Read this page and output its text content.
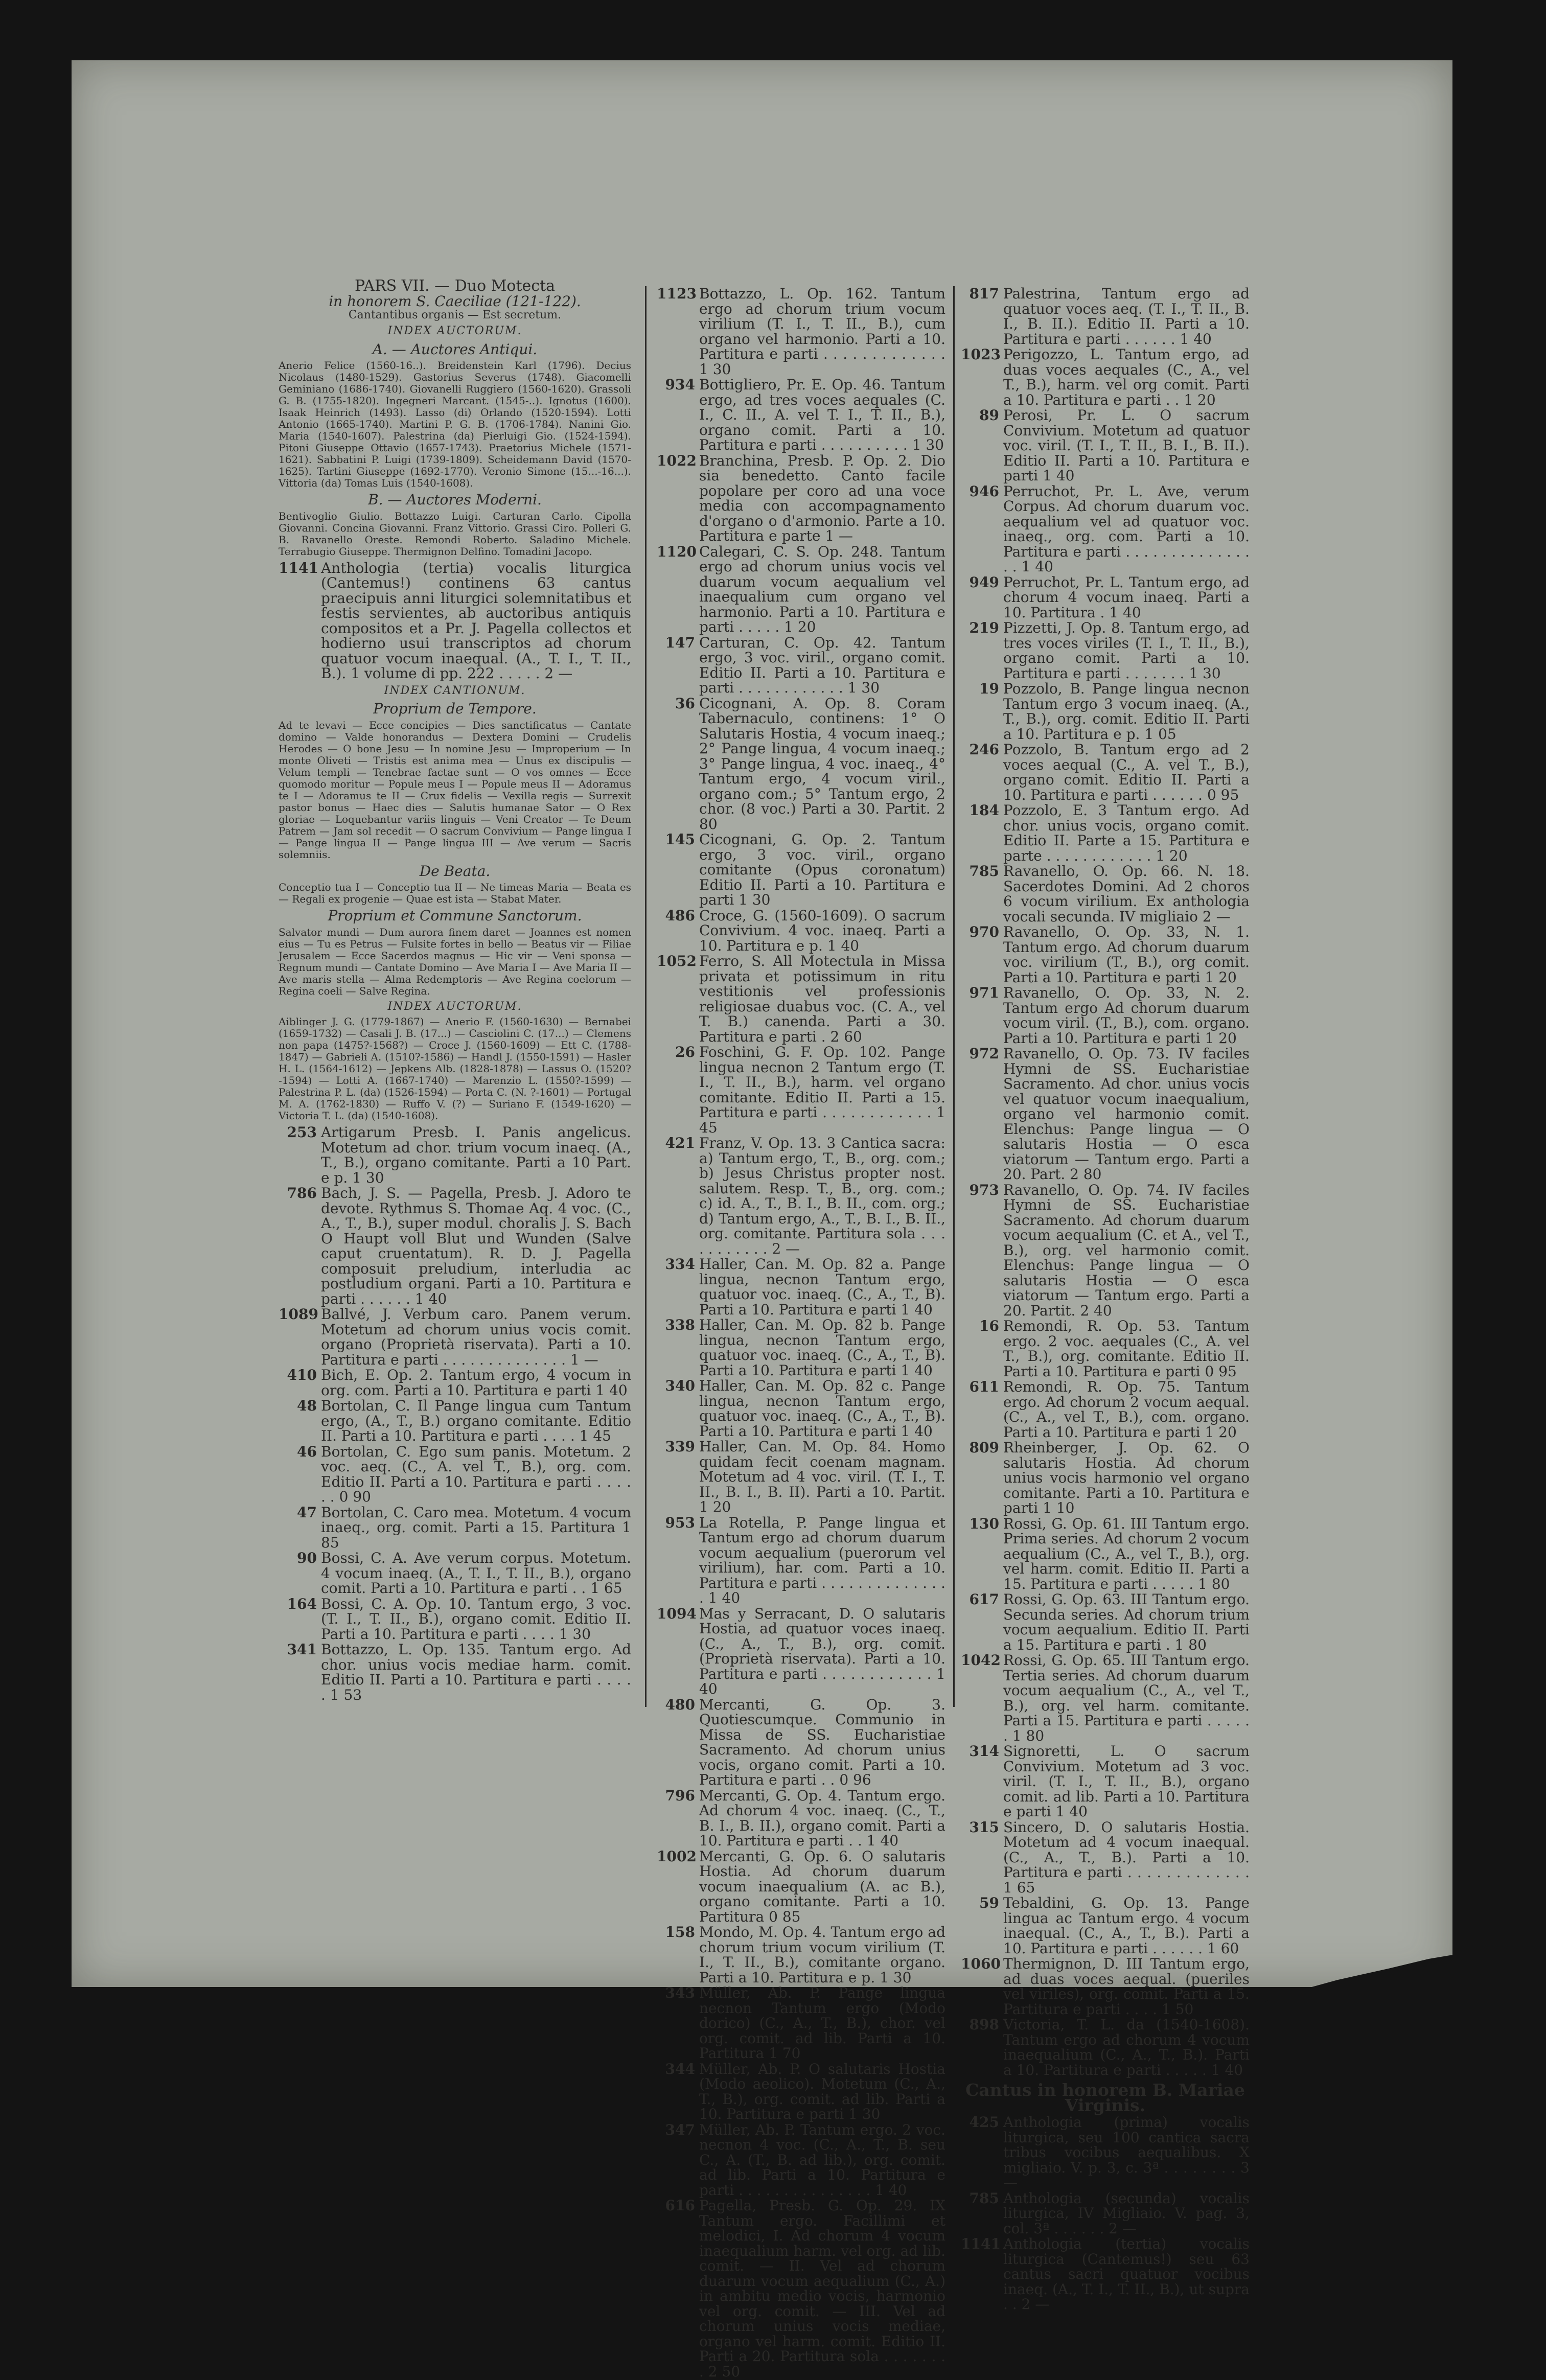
PARS VII. — Duo Motecta

in honorem S. Caeciliae (121-122).

Cantantibus organis — Est secretum.

INDEX AUCTORUM.

A. — Auctores Antiqui.

Anerio Felice (1560-16..). Breidenstein Karl (1796). Decius Nicolaus (1480-1529). Gastorius Severus (1748). Giacomelli Geminiano (1686-1740). Giovanelli Ruggiero (1560-1620). Grassoli G. B. (1755-1820). Ingegneri Marcant. (1545-..). Ignotus (1600). Isaak Heinrich (1493). Lasso (di) Orlando (1520-1594). Lotti Antonio (1665-1740). Martini P. G. B. (1706-1784). Nanini Gio. Maria (1540-1607). Palestrina (da) Pierluigi Gio. (1524-1594). Pitoni Giuseppe Ottavio (1657-1743). Praetorius Michele (1571-1621). Sabbatini P. Luigi (1739-1809). Scheidemann David (1570-1625). Tartini Giuseppe (1692-1770). Veronio Simone (15...-16...). Vittoria (da) Tomas Luis (1540-1608).

B. — Auctores Moderni.

Bentivoglio Giulio. Bottazzo Luigi. Carturan Carlo. Cipolla Giovanni. Concina Giovanni. Franz Vittorio. Grassi Ciro. Polleri G. B. Ravanello Oreste. Remondi Roberto. Saladino Michele. Terrabugio Giuseppe. Thermignon Delfino. Tomadini Jacopo.

1141 Anthologia (tertia) vocalis liturgica (Cantemus!) continens 63 cantus praecipuis anni liturgici solemnitatibus et festis servientes, ab auctoribus antiquis compositos et a Pr. J. Pagella collectos et hodierno usui transcriptos ad chorum quatuor vocum inaequal. (A., T. I., T. II., B.). 1 volume di pp. 222 . . . . . 2 —

INDEX CANTIONUM.

Proprium de Tempore.

Ad te levavi — Ecce concipies — Dies sanctificatus — Cantate domino — Valde honorandus — Dextera Domini — Crudelis Herodes — O bone Jesu — In nomine Jesu — Improperium — In monte Oliveti — Tristis est anima mea — Unus ex discipulis — Velum templi — Tenebrae factae sunt — O vos omnes — Ecce quomodo moritur — Popule meus I — Popule meus II — Adoramus te I — Adoramus te II — Crux fidelis — Vexilla regis — Surrexit pastor bonus — Haec dies — Salutis humanae Sator — O Rex gloriae — Loquebantur variis linguis — Veni Creator — Te Deum Patrem — Jam sol recedit — O sacrum Convivium — Pange lingua I — Pange lingua II — Pange lingua III — Ave verum — Sacris solemniis.

De Beata.

Conceptio tua I — Conceptio tua II — Ne timeas Maria — Beata es — Regali ex progenie — Quae est ista — Stabat Mater.

Proprium et Commune Sanctorum.

Salvator mundi — Dum aurora finem daret — Joannes est nomen eius — Tu es Petrus — Fulsite fortes in bello — Beatus vir — Filiae Jerusalem — Ecce Sacerdos magnus — Hic vir — Veni sponsa — Regnum mundi — Cantate Domino — Ave Maria I — Ave Maria II — Ave maris stella — Alma Redemptoris — Ave Regina coelorum — Regina coeli — Salve Regina.

INDEX AUCTORUM.

Aiblinger J. G. (1779-1867) — Anerio F. (1560-1630) — Bernabei (1659-1732) — Casali J. B. (17...) — Casciolini C. (17...) — Clemens non papa (1475?-1568?) — Croce J. (1560-1609) — Ett C. (1788-1847) — Gabrieli A. (1510?-1586) — Handl J. (1550-1591) — Hasler H. L. (1564-1612) — Jepkens Alb. (1828-1878) — Lassus O. (1520?-1594) — Lotti A. (1667-1740) — Marenzio L. (1550?-1599) — Palestrina P. L. (da) (1526-1594) — Porta C. (N. ?-1601) — Portugal M. A. (1762-1830) — Ruffo V. (?) — Suriano F. (1549-1620) — Victoria T. L. (da) (1540-1608).

253 Artigarum Presb. I. Panis angelicus. Motetum ad chor. trium vocum inaeq. (A., T., B.), organo comitante. Parti a 10 Part. e p. 1 30
786 Bach, J. S. — Pagella, Presb. J. Adoro te devote. Rythmus S. Thomae Aq. 4 voc. (C., A., T., B.), super modul. choralis J. S. Bach O Haupt voll Blut und Wunden (Salve caput cruentatum). R. D. J. Pagella composuit preludium, interludia ac postludium organi. Parti a 10. Partitura e parti . . . . . . 1 40
1089 Ballvé, J. Verbum caro. Panem verum. Motetum ad chorum unius vocis comit. organo (Proprietà riservata). Parti a 10. Partitura e parti . . . . . . . . . . . . . . 1 —
410 Bich, E. Op. 2. Tantum ergo, 4 vocum in org. com. Parti a 10. Partitura e parti 1 40
48 Bortolan, C. Il Pange lingua cum Tantum ergo, (A., T., B.) organo comitante. Editio II. Parti a 10. Partitura e parti . . . . 1 45
46 Bortolan, C. Ego sum panis. Motetum. 2 voc. aeq. (C., A. vel T., B.), org. com. Editio II. Parti a 10. Partitura e parti . . . . . . 0 90
47 Bortolan, C. Caro mea. Motetum. 4 vocum inaeq., org. comit. Parti a 15. Partitura 1 85
90 Bossi, C. A. Ave verum corpus. Motetum. 4 vocum inaeq. (A., T. I., T. II., B.), organo comit. Parti a 10. Partitura e parti . . 1 65
164 Bossi, C. A. Op. 10. Tantum ergo, 3 voc. (T. I., T. II., B.), organo comit. Editio II. Parti a 10. Partitura e parti . . . . 1 30
341 Bottazzo, L. Op. 135. Tantum ergo. Ad chor. unius vocis mediae harm. comit. Editio II. Parti a 10. Partitura e parti . . . . . 1 53
1123 Bottazzo, L. Op. 162. Tantum ergo ad chorum trium vocum virilium (T. I., T. II., B.), cum organo vel harmonio. Parti a 10. Partitura e parti . . . . . . . . . . . . . 1 30
934 Bottigliero, Pr. E. Op. 46. Tantum ergo, ad tres voces aequales (C. I., C. II., A. vel T. I., T. II., B.), organo comit. Parti a 10. Partitura e parti . . . . . . . . . . 1 30
1022 Branchina, Presb. P. Op. 2. Dio sia benedetto. Canto facile popolare per coro ad una voce media con accompagnamento d'organo o d'armonio. Parte a 10. Partitura e parte 1 —
1120 Calegari, C. S. Op. 248. Tantum ergo ad chorum unius vocis vel duarum vocum aequalium vel inaequalium cum organo vel harmonio. Parti a 10. Partitura e parti . . . . . 1 20
147 Carturan, C. Op. 42. Tantum ergo, 3 voc. viril., organo comit. Editio II. Parti a 10. Partitura e parti . . . . . . . . . . . . 1 30
36 Cicognani, A. Op. 8. Coram Tabernaculo, continens: 1° O Salutaris Hostia, 4 vocum inaeq.; 2° Pange lingua, 4 vocum inaeq.; 3° Pange lingua, 4 voc. inaeq., 4° Tantum ergo, 4 vocum viril., organo com.; 5° Tantum ergo, 2 chor. (8 voc.) Parti a 30. Partit. 2 80
145 Cicognani, G. Op. 2. Tantum ergo, 3 voc. viril., organo comitante (Opus coronatum) Editio II. Parti a 10. Partitura e parti 1 30
486 Croce, G. (1560-1609). O sacrum Convivium. 4 voc. inaeq. Parti a 10. Partitura e p. 1 40
1052 Ferro, S. All Motectula in Missa privata et potissimum in ritu vestitionis vel professionis religiosae duabus voc. (C. A., vel T. B.) canenda. Parti a 30. Partitura e parti . 2 60
26 Foschini, G. F. Op. 102. Pange lingua necnon 2 Tantum ergo (T. I., T. II., B.), harm. vel organo comitante. Editio II. Parti a 15. Partitura e parti . . . . . . . . . . . . 1 45
421 Franz, V. Op. 13. 3 Cantica sacra: a) Tantum ergo, T., B., org. com.; b) Jesus Christus propter nost. salutem. Resp. T., B., org. com.; c) id. A., T., B. I., B. II., com. org.; d) Tantum ergo, A., T., B. I., B. II., org. comitante. Partitura sola . . . . . . . . . . . 2 —
334 Haller, Can. M. Op. 82 a. Pange lingua, necnon Tantum ergo, quatuor voc. inaeq. (C., A., T., B). Parti a 10. Partitura e parti 1 40
338 Haller, Can. M. Op. 82 b. Pange lingua, necnon Tantum ergo, quatuor voc. inaeq. (C., A., T., B). Parti a 10. Partitura e parti 1 40
340 Haller, Can. M. Op. 82 c. Pange lingua, necnon Tantum ergo, quatuor voc. inaeq. (C., A., T., B). Parti a 10. Partitura e parti 1 40
339 Haller, Can. M. Op. 84. Homo quidam fecit coenam magnam. Motetum ad 4 voc. viril. (T. I., T. II., B. I., B. II). Parti a 10. Partit. 1 20
953 La Rotella, P. Pange lingua et Tantum ergo ad chorum duarum vocum aequalium (puerorum vel virilium), har. com. Parti a 10. Partitura e parti . . . . . . . . . . . . . . . 1 40
1094 Mas y Serracant, D. O salutaris Hostia, ad quatuor voces inaeq. (C., A., T., B.), org. comit. (Proprietà riservata). Parti a 10. Partitura e parti . . . . . . . . . . . . 1 40
480 Mercanti, G. Op. 3. Quotiescumque. Communio in Missa de SS. Eucharistiae Sacramento. Ad chorum unius vocis, organo comit. Parti a 10. Partitura e parti . . 0 96
796 Mercanti, G. Op. 4. Tantum ergo. Ad chorum 4 voc. inaeq. (C., T., B. I., B. II.), organo comit. Parti a 10. Partitura e parti . . 1 40
1002 Mercanti, G. Op. 6. O salutaris Hostia. Ad chorum duarum vocum inaequalium (A. ac B.), organo comitante. Parti a 10. Partitura 0 85
158 Mondo, M. Op. 4. Tantum ergo ad chorum trium vocum virilium (T. I., T. II., B.), comitante organo. Parti a 10. Partitura e p. 1 30
343 Müller, Ab. P. Pange lingua necnon Tantum ergo (Modo dorico) (C., A., T., B.), chor. vel org. comit. ad lib. Parti a 10. Partitura 1 70
344 Müller, Ab. P. O salutaris Hostia (Modo aeolico). Motetum (C., A., T., B.), org. comit. ad lib. Parti a 10. Partitura e parti 1 30
347 Müller, Ab. P. Tantum ergo. 2 voc. necnon 4 voc. (C., A., T., B. seu C., A. (T., B. ad lib.), org. comit. ad lib. Parti a 10. Partitura e parti . . . . . . . . . . . . . . . 1 40
616 Pagella, Presb. G. Op. 29. IX Tantum ergo. Facillimi et melodici, I. Ad chorum 4 vocum inaequalium harm. vel org. ad lib. comit. — II. Vel ad chorum duarum vocum aequalium (C., A.) in ambitu medio vocis, harmonio vel org. comit. — III. Vel ad chorum unius vocis mediae, organo vel harm. comit. Editio II. Parti a 20. Partitura sola . . . . . . . . 2 50
817 Palestrina, Tantum ergo ad quatuor voces aeq. (T. I., T. II., B. I., B. II.). Editio II. Parti a 10. Partitura e parti . . . . . . 1 40
1023 Perigozzo, L. Tantum ergo, ad duas voces aequales (C., A., vel T., B.), harm. vel org comit. Parti a 10. Partitura e parti . . 1 20
89 Perosi, Pr. L. O sacrum Convivium. Motetum ad quatuor voc. viril. (T. I., T. II., B. I., B. II.). Editio II. Parti a 10. Partitura e parti 1 40
946 Perruchot, Pr. L. Ave, verum Corpus. Ad chorum duarum voc. aequalium vel ad quatuor voc. inaeq., org. com. Parti a 10. Partitura e parti . . . . . . . . . . . . . . . . 1 40
949 Perruchot, Pr. L. Tantum ergo, ad chorum 4 vocum inaeq. Parti a 10. Partitura . 1 40
219 Pizzetti, J. Op. 8. Tantum ergo, ad tres voces viriles (T. I., T. II., B.), organo comit. Parti a 10. Partitura e parti . . . . . . . 1 30
19 Pozzolo, B. Pange lingua necnon Tantum ergo 3 vocum inaeq. (A., T., B.), org. comit. Editio II. Parti a 10. Partitura e p. 1 05
246 Pozzolo, B. Tantum ergo ad 2 voces aequal (C., A. vel T., B.), organo comit. Editio II. Parti a 10. Partitura e parti . . . . . . 0 95
184 Pozzolo, E. 3 Tantum ergo. Ad chor. unius vocis, organo comit. Editio II. Parte a 15. Partitura e parte . . . . . . . . . . . . 1 20
785 Ravanello, O. Op. 66. N. 18. Sacerdotes Domini. Ad 2 choros 6 vocum virilium. Ex anthologia vocali secunda. IV migliaio 2 —
970 Ravanello, O. Op. 33, N. 1. Tantum ergo. Ad chorum duarum voc. virilium (T., B.), org comit. Parti a 10. Partitura e parti 1 20
971 Ravanello, O. Op. 33, N. 2. Tantum ergo Ad chorum duarum vocum viril. (T., B.), com. organo. Parti a 10. Partitura e parti 1 20
972 Ravanello, O. Op. 73. IV faciles Hymni de SS. Eucharistiae Sacramento. Ad chor. unius vocis vel quatuor vocum inaequalium, organo vel harmonio comit. Elenchus: Pange lingua — O salutaris Hostia — O esca viatorum — Tantum ergo. Parti a 20. Part. 2 80
973 Ravanello, O. Op. 74. IV faciles Hymni de SS. Eucharistiae Sacramento. Ad chorum duarum vocum aequalium (C. et A., vel T., B.), org. vel harmonio comit. Elenchus: Pange lingua — O salutaris Hostia — O esca viatorum — Tantum ergo. Parti a 20. Partit. 2 40
16 Remondi, R. Op. 53. Tantum ergo. 2 voc. aequales (C., A. vel T., B.), org. comitante. Editio II. Parti a 10. Partitura e parti 0 95
611 Remondi, R. Op. 75. Tantum ergo. Ad chorum 2 vocum aequal. (C., A., vel T., B.), com. organo. Parti a 10. Partitura e parti 1 20
809 Rheinberger, J. Op. 62. O salutaris Hostia. Ad chorum unius vocis harmonio vel organo comitante. Parti a 10. Partitura e parti 1 10
130 Rossi, G. Op. 61. III Tantum ergo. Prima series. Ad chorum 2 vocum aequalium (C., A., vel T., B.), org. vel harm. comit. Editio II. Parti a 15. Partitura e parti . . . . . 1 80
617 Rossi, G. Op. 63. III Tantum ergo. Secunda series. Ad chorum trium vocum aequalium. Editio II. Parti a 15. Partitura e parti . 1 80
1042 Rossi, G. Op. 65. III Tantum ergo. Tertia series. Ad chorum duarum vocum aequalium (C., A., vel T., B.), org. vel harm. comitante. Parti a 15. Partitura e parti . . . . . . 1 80
314 Signoretti, L. O sacrum Convivium. Motetum ad 3 voc. viril. (T. I., T. II., B.), organo comit. ad lib. Parti a 10. Partitura e parti 1 40
315 Sincero, D. O salutaris Hostia. Motetum ad 4 vocum inaequal. (C., A., T., B.). Parti a 10. Partitura e parti . . . . . . . . . . . . . 1 65
59 Tebaldini, G. Op. 13. Pange lingua ac Tantum ergo. 4 vocum inaequal. (C., A., T., B.). Parti a 10. Partitura e parti . . . . . . 1 60
1060 Thermignon, D. III Tantum ergo, ad duas voces aequal. (pueriles vel viriles), org. comit. Parti a 15. Partitura e parti . . . . 1 50
898 Victoria, T. L. da (1540-1608). Tantum ergo ad chorum 4 vocum inaequalium (C., A., T., B.). Parti a 10. Partitura e parti . . . . . 1 40

Cantus in honorem B. Mariae Virginis.

425 Anthologia (prima) vocalis liturgica, seu 100 cantica sacra tribus vocibus aequalibus. X migliaio. V. p. 3, c. 3ª . . . . . . . . 3 —
785 Anthologia (secunda) vocalis liturgica, IV Migliaio. V. pag. 3, col. 3ª . . . . . . 2 —
1141 Anthologia (tertia) vocalis liturgica (Cantemus!) seu 63 cantus sacri quatuor vocibus inaeq. (A., T. I., T. II., B.), ut supra . . 2 —
